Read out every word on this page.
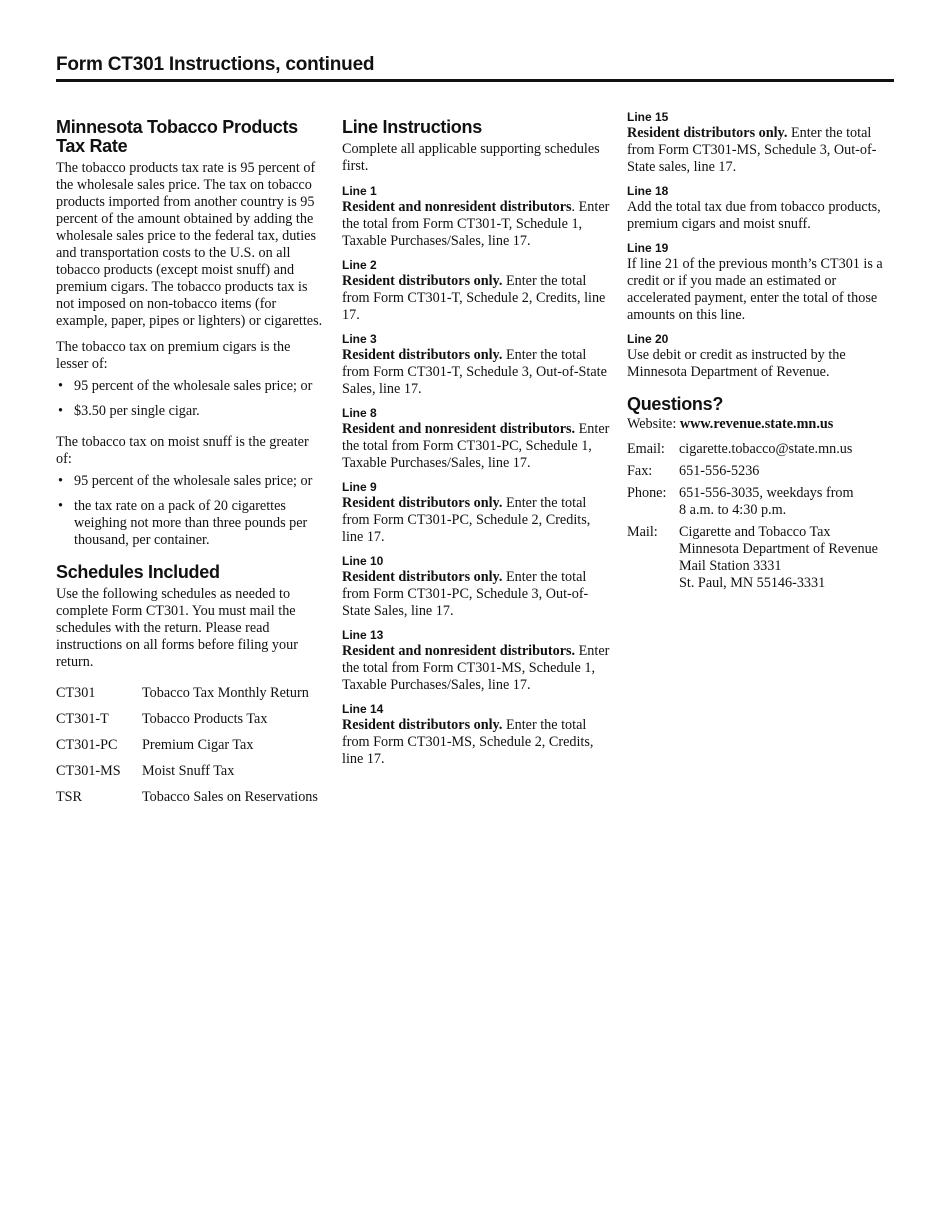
Form CT301 Instructions, continued
Minnesota Tobacco Products Tax Rate

The tobacco products tax rate is 95 percent of the wholesale sales price. The tax on tobacco products imported from another country is 95 percent of the amount obtained by adding the wholesale sales price to the federal tax, duties and transportation costs to the U.S. on all tobacco products (except moist snuff) and premium cigars. The tobacco products tax is not imposed on non-tobacco items (for example, paper, pipes or lighters) or cigarettes.

The tobacco tax on premium cigars is the lesser of:

• 95 percent of the wholesale sales price; or
• $3.50 per single cigar.

The tobacco tax on moist snuff is the greater of:

• 95 percent of the wholesale sales price; or
• the tax rate on a pack of 20 cigarettes weighing not more than three pounds per thousand, per container.
Schedules Included

Use the following schedules as needed to complete Form CT301. You must mail the schedules with the return. Please read instructions on all forms before filing your return.

CT301	Tobacco Tax Monthly Return
CT301-T	Tobacco Products Tax
CT301-PC	Premium Cigar Tax
CT301-MS	Moist Snuff Tax
TSR	Tobacco Sales on Reservations
Line Instructions

Complete all applicable supporting schedules first.

Line 1
Resident and nonresident distributors. Enter the total from Form CT301-T, Schedule 1, Taxable Purchases/Sales, line 17.
Line 2
Resident distributors only. Enter the total from Form CT301-T, Schedule 2, Credits, line 17.
Line 3
Resident distributors only. Enter the total from Form CT301-T, Schedule 3, Out-of-State Sales, line 17.
Line 8
Resident and nonresident distributors. Enter the total from Form CT301-PC, Schedule 1, Taxable Purchases/Sales, line 17.
Line 9
Resident distributors only. Enter the total from Form CT301-PC, Schedule 2, Credits, line 17.
Line 10
Resident distributors only. Enter the total from Form CT301-PC, Schedule 3, Out-of-State Sales, line 17.
Line 13
Resident and nonresident distributors. Enter the total from Form CT301-MS, Schedule 1, Taxable Purchases/Sales, line 17.
Line 14
Resident distributors only. Enter the total from Form CT301-MS, Schedule 2, Credits, line 17.
Line 15
Resident distributors only. Enter the total from Form CT301-MS, Schedule 3, Out-of-State sales, line 17.
Line 18
Add the total tax due from tobacco products, premium cigars and moist snuff.
Line 19
If line 21 of the previous month’s CT301 is a credit or if you made an estimated or accelerated payment, enter the total of those amounts on this line.
Line 20
Use debit or credit as instructed by the Minnesota Department of Revenue.
Questions?
Website: www.revenue.state.mn.us
Email: cigarette.tobacco@state.mn.us
Fax:	651-556-5236
Phone: 651-556-3035, weekdays from
8 a.m. to 4:30 p.m.
Mail:	Cigarette and Tobacco Tax
Minnesota Department of Revenue
Mail Station 3331
St. Paul, MN 55146-3331
